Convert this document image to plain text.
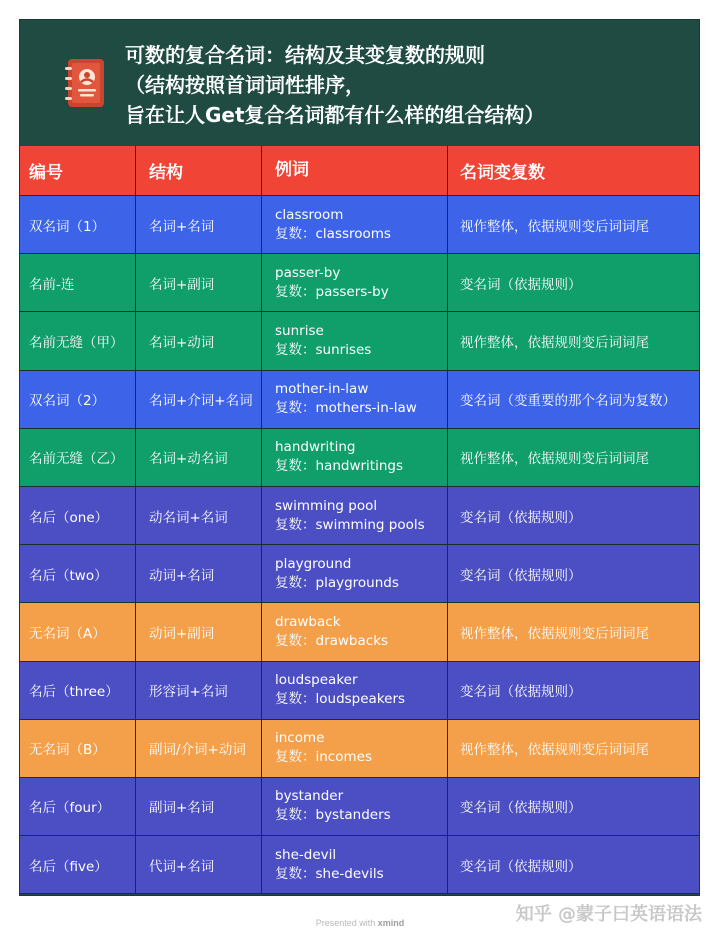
可数的复合名词：结构及其变复数的规则
（结构按照首词词性排序，
旨在让人Get复合名词都有什么样的组合结构）
编号	结构	例词	名词变复数
双名词（1）	名词+名词
classroom
复数：classrooms	视作整体，依据规则变后词词尾
名前-连	名词+副词
passer-by
复数：passers-by	变名词（依据规则）
名前无缝（甲）	名词+动词
sunrise
复数：sunrises	视作整体，依据规则变后词词尾
双名词（2）	名词+介词+名词
mother-in-law
复数：mothers-in-law	变名词（变重要的那个名词为复数）
名前无缝（乙）	名词+动名词
handwriting
复数：handwritings	视作整体，依据规则变后词词尾
名后（one）	动名词+名词
swimming pool
复数：swimming pools	变名词（依据规则）
名后（two）	动词+名词
playground
复数：playgrounds	变名词（依据规则）
无名词（A）	动词+副词
drawback
复数：drawbacks	视作整体，依据规则变后词词尾
名后（three）	形容词+名词
loudspeaker
复数：loudspeakers	变名词（依据规则）
无名词（B）	副词/介词+动词
income
复数：incomes	视作整体，依据规则变后词词尾
名后（four）	副词+名词
bystander
复数：bystanders	变名词（依据规则）
名后（five）	代词+名词
she-devil
复数：she-devils	变名词（依据规则）
Presented with xmind	知乎 @蒙子曰英语语法
